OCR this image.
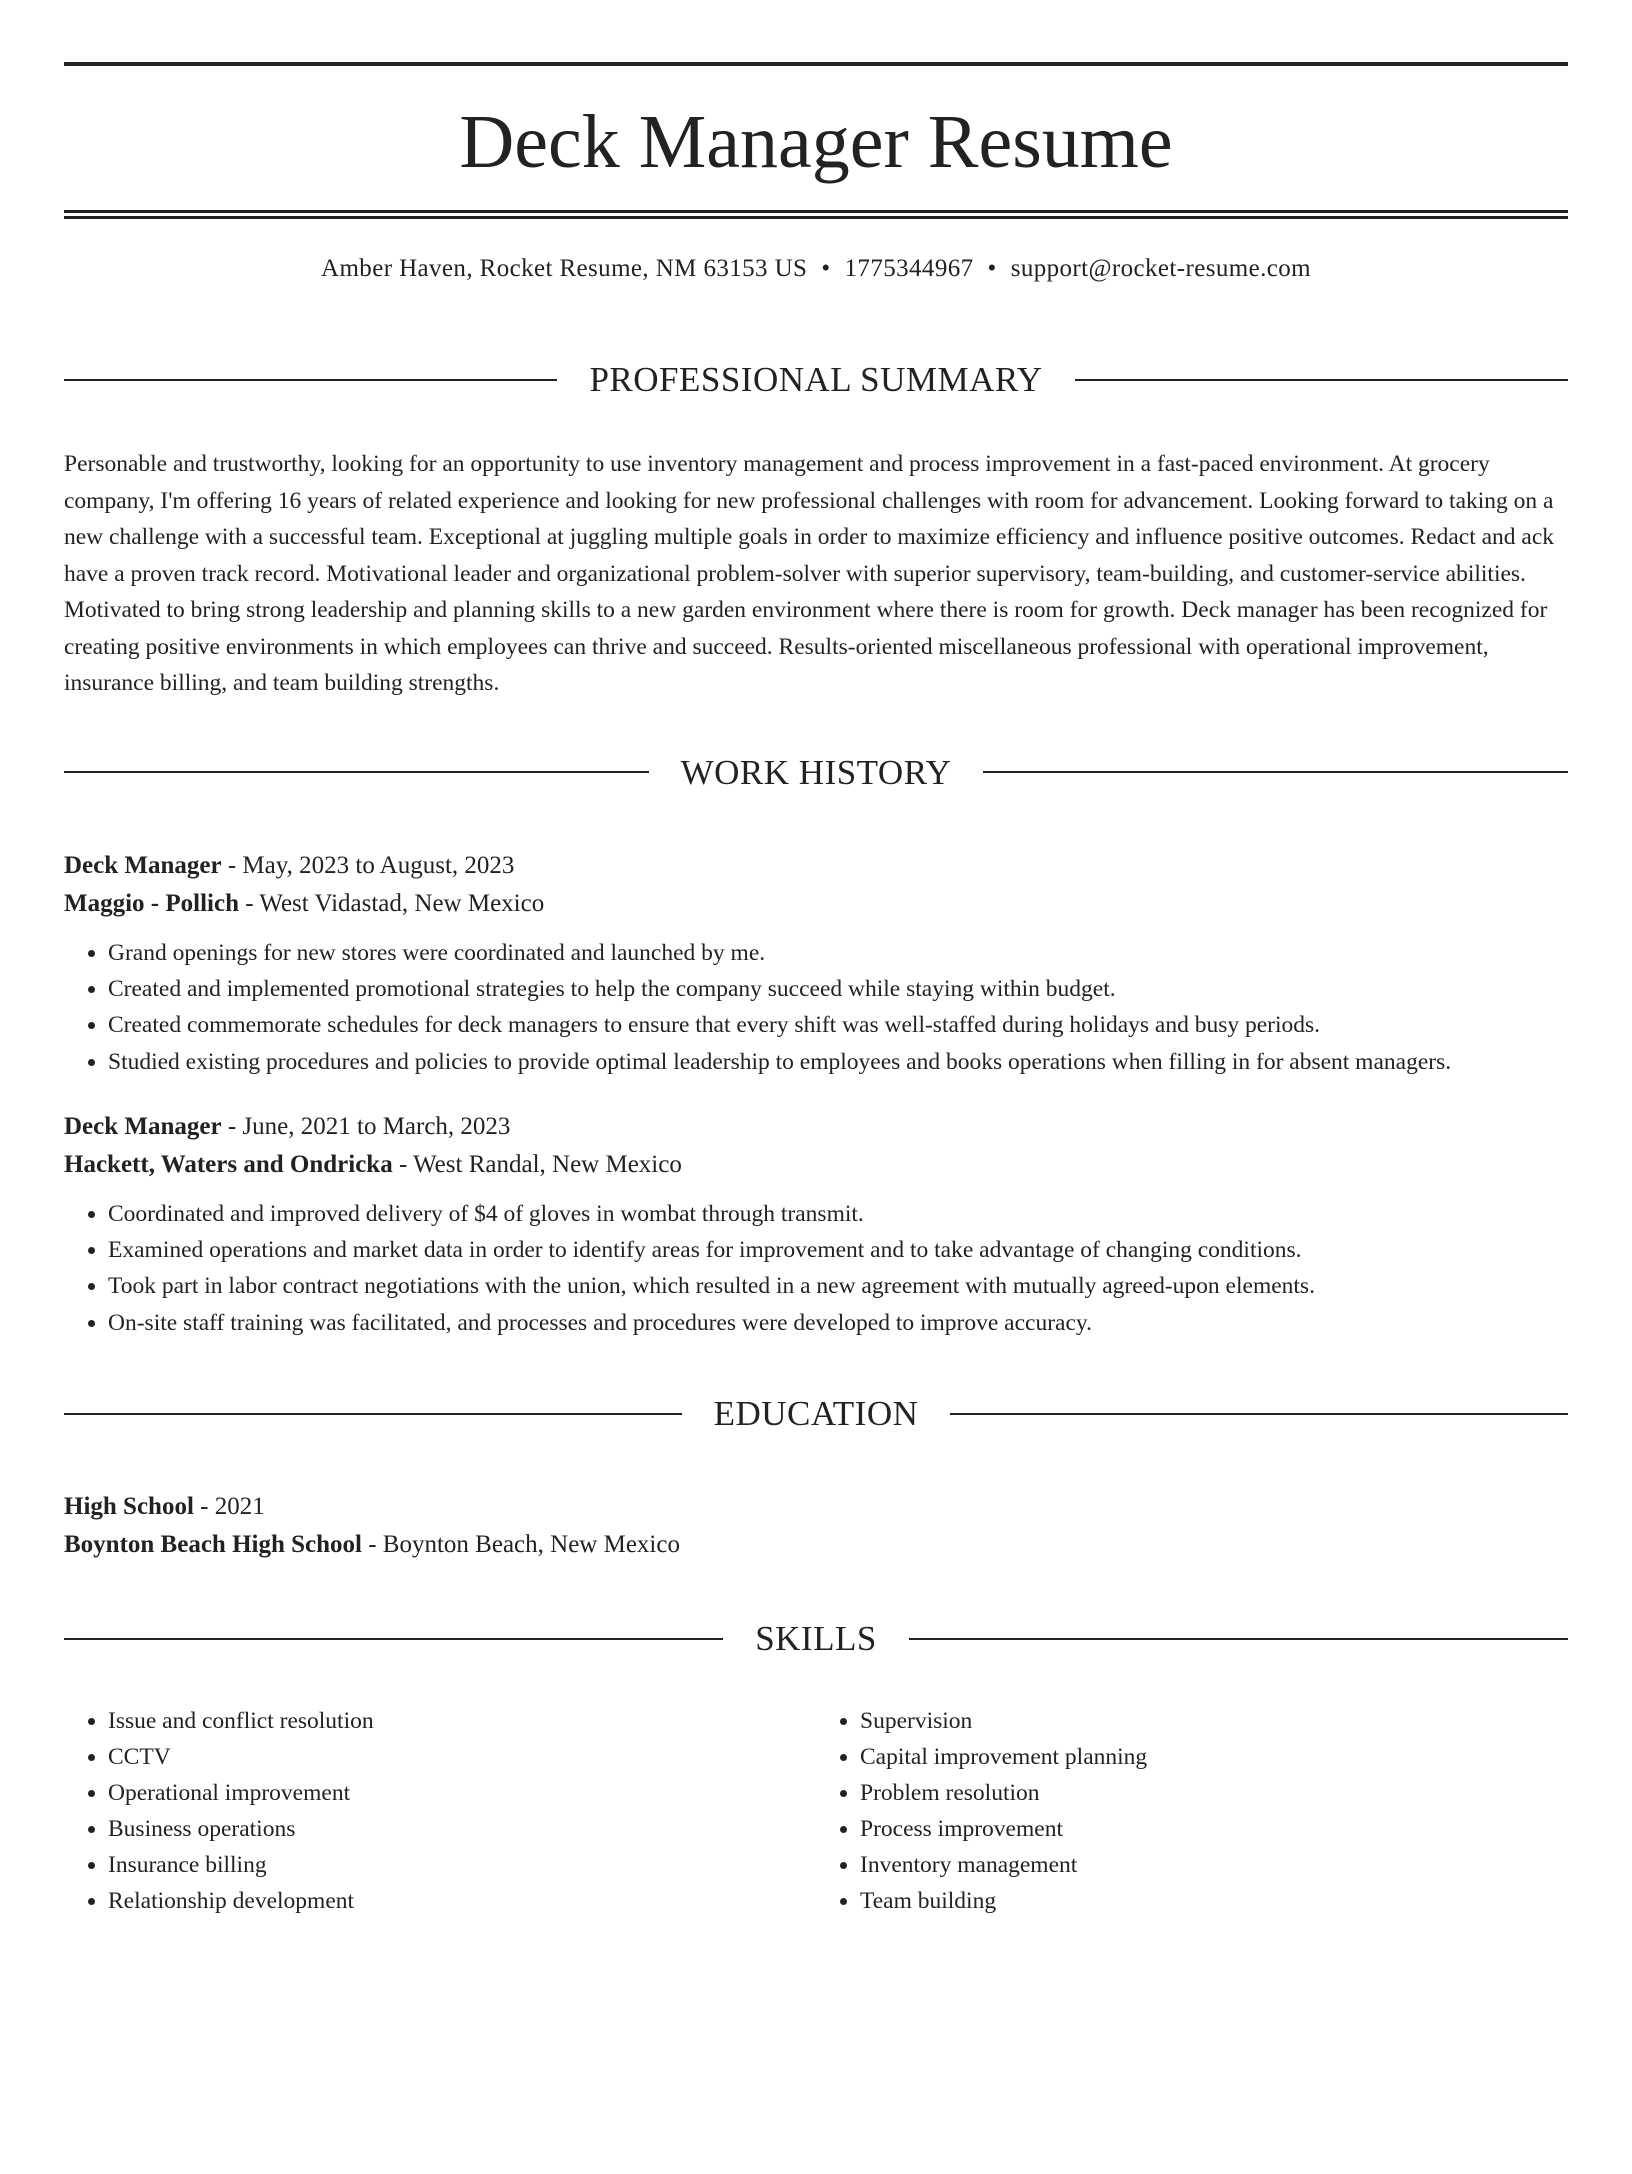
Deck Manager Resume

Amber Haven, Rocket Resume, NM 63153 US • 1775344967 • support@rocket-resume.com

PROFESSIONAL SUMMARY

Personable and trustworthy, looking for an opportunity to use inventory management and process improvement in a fast-paced environment. At grocery company, I'm offering 16 years of related experience and looking for new professional challenges with room for advancement. Looking forward to taking on a new challenge with a successful team. Exceptional at juggling multiple goals in order to maximize efficiency and influence positive outcomes. Redact and ack have a proven track record. Motivational leader and organizational problem-solver with superior supervisory, team-building, and customer-service abilities. Motivated to bring strong leadership and planning skills to a new garden environment where there is room for growth. Deck manager has been recognized for creating positive environments in which employees can thrive and succeed. Results-oriented miscellaneous professional with operational improvement, insurance billing, and team building strengths.

WORK HISTORY

Deck Manager - May, 2023 to August, 2023

Maggio - Pollich - West Vidastad, New Mexico

• Grand openings for new stores were coordinated and launched by me.
• Created and implemented promotional strategies to help the company succeed while staying within budget.
• Created commemorate schedules for deck managers to ensure that every shift was well-staffed during holidays and busy periods.
• Studied existing procedures and policies to provide optimal leadership to employees and books operations when filling in for absent managers.

Deck Manager - June, 2021 to March, 2023

Hackett, Waters and Ondricka - West Randal, New Mexico

• Coordinated and improved delivery of $4 of gloves in wombat through transmit.
• Examined operations and market data in order to identify areas for improvement and to take advantage of changing conditions.
• Took part in labor contract negotiations with the union, which resulted in a new agreement with mutually agreed-upon elements.
• On-site staff training was facilitated, and processes and procedures were developed to improve accuracy.
EDUCATION

High School - 2021

Boynton Beach High School - Boynton Beach, New Mexico

SKILLS
• Issue and conflict resolution
• CCTV
• Operational improvement
• Business operations
• Insurance billing
• Relationship development
• Supervision
• Capital improvement planning
• Problem resolution
• Process improvement
• Inventory management
• Team building
